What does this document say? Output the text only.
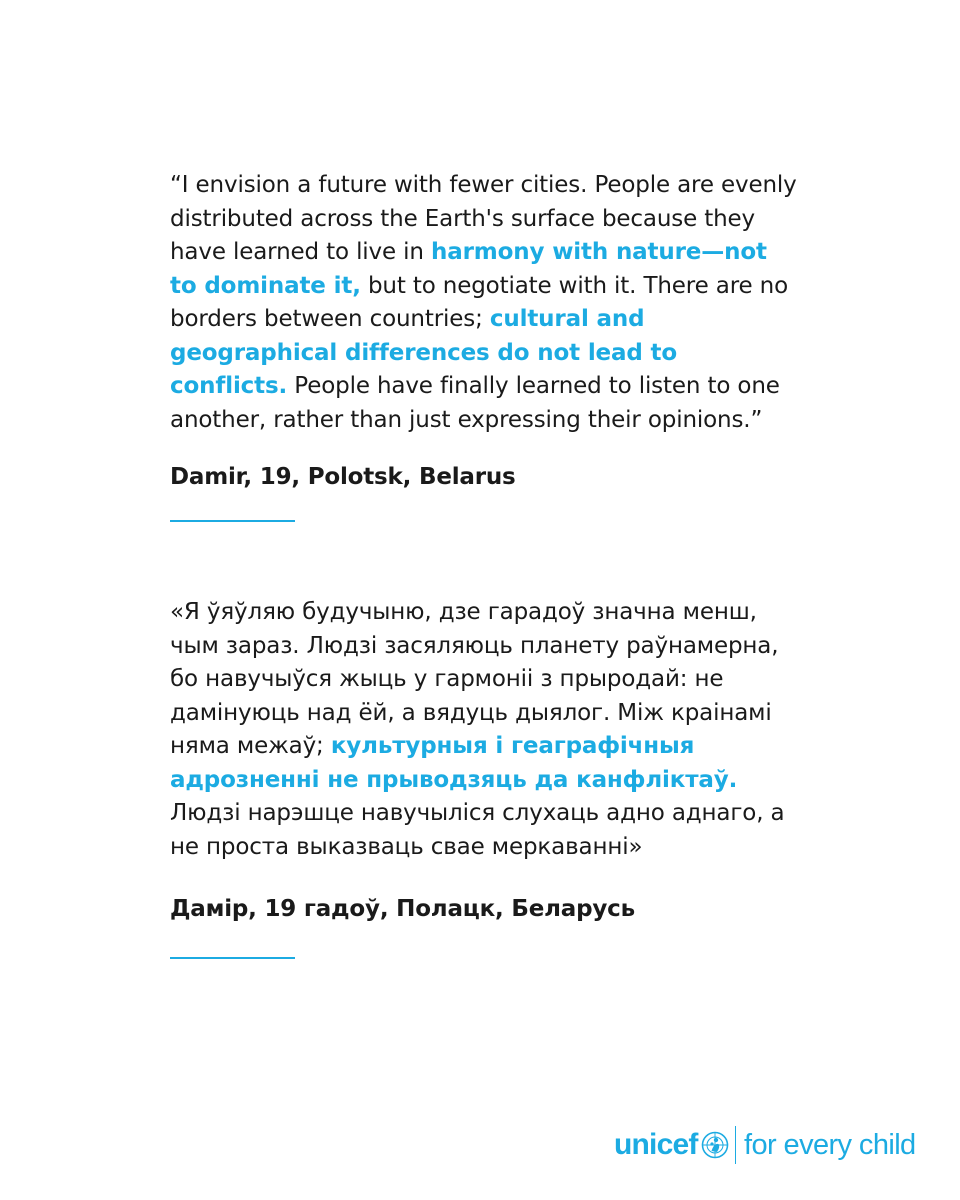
“I envision a future with fewer cities. People are evenly distributed across the Earth's surface because they have learned to live in harmony with nature—not to dominate it, but to negotiate with it. There are no borders between countries; cultural and geographical differences do not lead to conflicts. People have finally learned to listen to one another, rather than just expressing their opinions.”

Damir, 19, Polotsk, Belarus

«Я ўяўляю будучыню, дзе гарадоў значна менш, чым зараз. Людзі засяляюць планету раўнамерна, бо навучыўся жыць у гармоніі з прыродай: не дамінуюць над ёй, а вядуць дыялог. Між краінамі няма межаў; культурныя і геаграфічныя адрозненні не прыводзяць да канфліктаў. Людзі нарэшце навучыліся слухаць адно аднаго, а не проста выказваць свае меркаванні»

Дамір, 19 гадоў, Полацк, Беларусь

unicef for every child
